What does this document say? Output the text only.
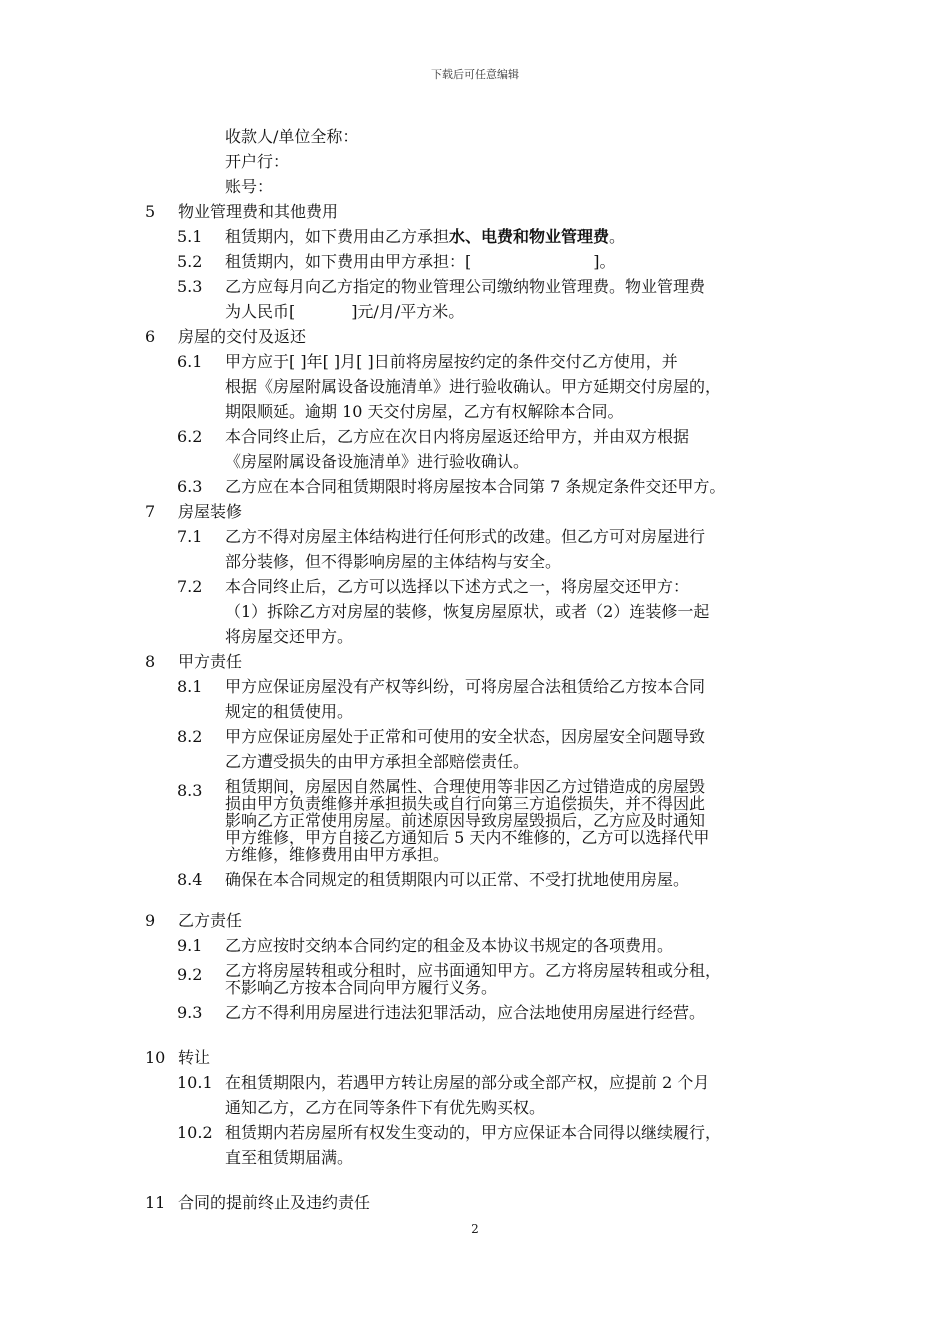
下载后可任意编辑
收款人/单位全称：
开户行：
账号：
5	物业管理费和其他费用
5.1	租赁期内，如下费用由乙方承担水、电费和物业管理费。
5.2	租赁期内，如下费用由甲方承担：[                        ]。
5.3	乙方应每月向乙方指定的物业管理公司缴纳物业管理费。物业管理费
为人民币[           ]元/月/平方米。
6	房屋的交付及返还
6.1	甲方应于[ ]年[ ]月[ ]日前将房屋按约定的条件交付乙方使用，并
根据《房屋附属设备设施清单》进行验收确认。甲方延期交付房屋的，
期限顺延。逾期 10 天交付房屋，乙方有权解除本合同。
6.2	本合同终止后，乙方应在次日内将房屋返还给甲方，并由双方根据
《房屋附属设备设施清单》进行验收确认。
6.3	乙方应在本合同租赁期限时将房屋按本合同第 7 条规定条件交还甲方。
7	房屋装修
7.1	乙方不得对房屋主体结构进行任何形式的改建。但乙方可对房屋进行
部分装修，但不得影响房屋的主体结构与安全。
7.2	本合同终止后，乙方可以选择以下述方式之一，将房屋交还甲方：
（1）拆除乙方对房屋的装修，恢复房屋原状，或者（2）连装修一起
将房屋交还甲方。
8	甲方责任
8.1	甲方应保证房屋没有产权等纠纷，可将房屋合法租赁给乙方按本合同
规定的租赁使用。
8.2	甲方应保证房屋处于正常和可使用的安全状态，因房屋安全问题导致
乙方遭受损失的由甲方承担全部赔偿责任。
8.3	租赁期间，房屋因自然属性、合理使用等非因乙方过错造成的房屋毁
损由甲方负责维修并承担损失或自行向第三方追偿损失，并不得因此
影响乙方正常使用房屋。前述原因导致房屋毁损后，乙方应及时通知
甲方维修，甲方自接乙方通知后 5 天内不维修的，乙方可以选择代甲
方维修，维修费用由甲方承担。
8.4	确保在本合同规定的租赁期限内可以正常、不受打扰地使用房屋。
9	乙方责任
9.1	乙方应按时交纳本合同约定的租金及本协议书规定的各项费用。
9.2	乙方将房屋转租或分租时，应书面通知甲方。乙方将房屋转租或分租，
不影响乙方按本合同向甲方履行义务。
9.3	乙方不得利用房屋进行违法犯罪活动，应合法地使用房屋进行经营。
10 转让
10.1 在租赁期限内，若遇甲方转让房屋的部分或全部产权，应提前 2 个月
通知乙方，乙方在同等条件下有优先购买权。
10.2 租赁期内若房屋所有权发生变动的，甲方应保证本合同得以继续履行，
直至租赁期届满。
11 合同的提前终止及违约责任
2
